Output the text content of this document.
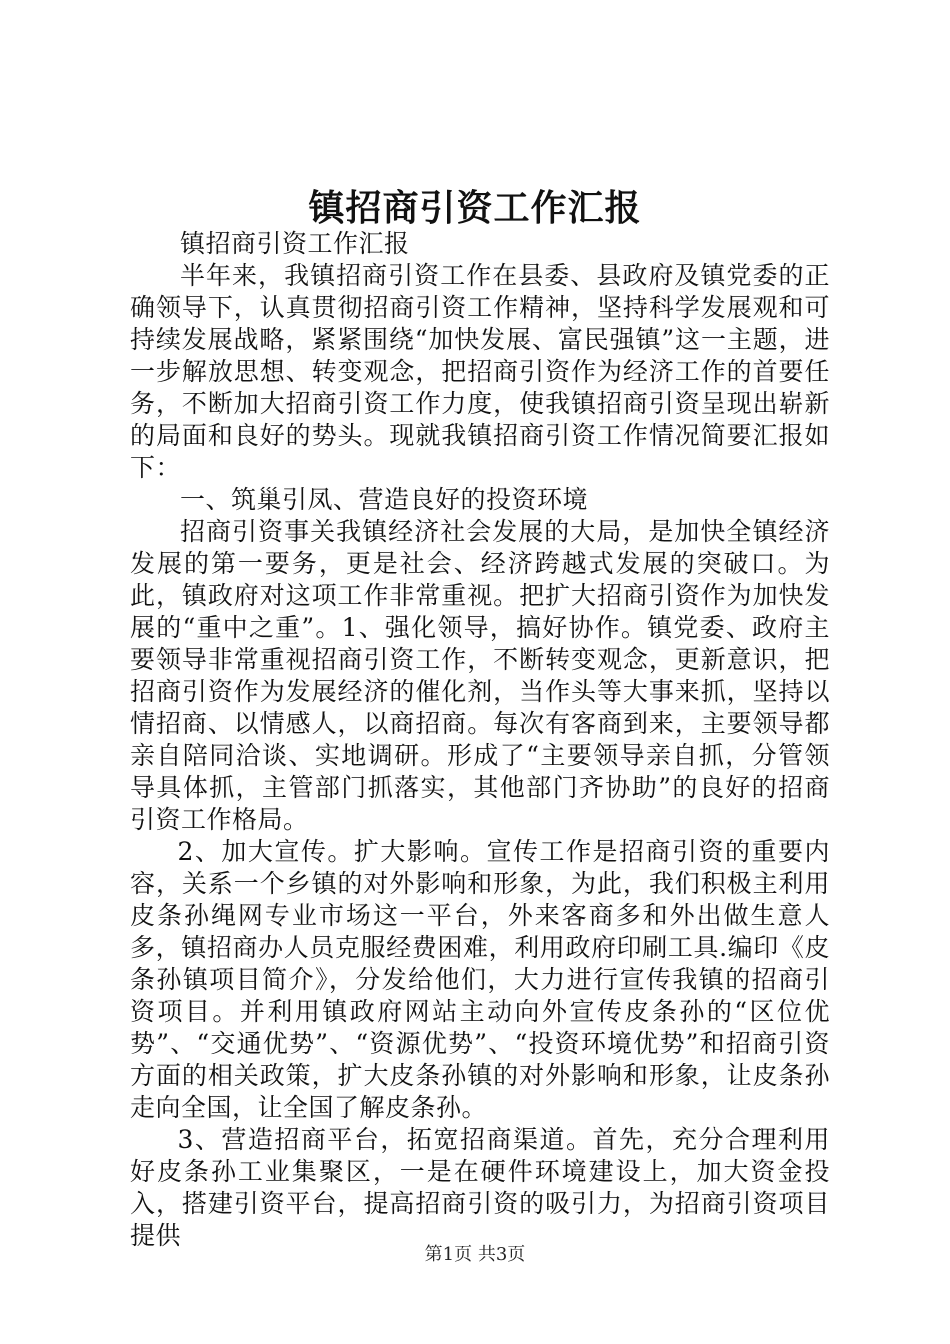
镇招商引资工作汇报

镇招商引资工作汇报

半年来，我镇招商引资工作在县委、县政府及镇党委的正确领导下，认真贯彻招商引资工作精神，坚持科学发展观和可持续发展战略，紧紧围绕“加快发展、富民强镇”这一主题，进一步解放思想、转变观念，把招商引资作为经济工作的首要任务，不断加大招商引资工作力度，使我镇招商引资呈现出崭新的局面和良好的势头。现就我镇招商引资工作情况简要汇报如下：

一、筑巢引凤、营造良好的投资环境

招商引资事关我镇经济社会发展的大局，是加快全镇经济发展的第一要务，更是社会、经济跨越式发展的突破口。为此，镇政府对这项工作非常重视。把扩大招商引资作为加快发展的“重中之重”。1、强化领导，搞好协作。镇党委、政府主要领导非常重视招商引资工作，不断转变观念，更新意识，把招商引资作为发展经济的催化剂，当作头等大事来抓，坚持以情招商、以情感人，以商招商。每次有客商到来，主要领导都亲自陪同洽谈、实地调研。形成了“主要领导亲自抓，分管领导具体抓，主管部门抓落实，其他部门齐协助”的良好的招商引资工作格局。

2、加大宣传。扩大影响。宣传工作是招商引资的重要内容，关系一个乡镇的对外影响和形象，为此，我们积极主利用皮条孙绳网专业市场这一平台，外来客商多和外出做生意人多，镇招商办人员克服经费困难，利用政府印刷工具.编印《皮条孙镇项目简介》，分发给他们，大力进行宣传我镇的招商引资项目。并利用镇政府网站主动向外宣传皮条孙的“区位优势”、“交通优势”、“资源优势”、“投资环境优势”和招商引资方面的相关政策，扩大皮条孙镇的对外影响和形象，让皮条孙走向全国，让全国了解皮条孙。

3、营造招商平台，拓宽招商渠道。首先，充分合理利用好皮条孙工业集聚区，一是在硬件环境建设上，加大资金投入，搭建引资平台，提高招商引资的吸引力，为招商引资项目提供

第1页 共3页
